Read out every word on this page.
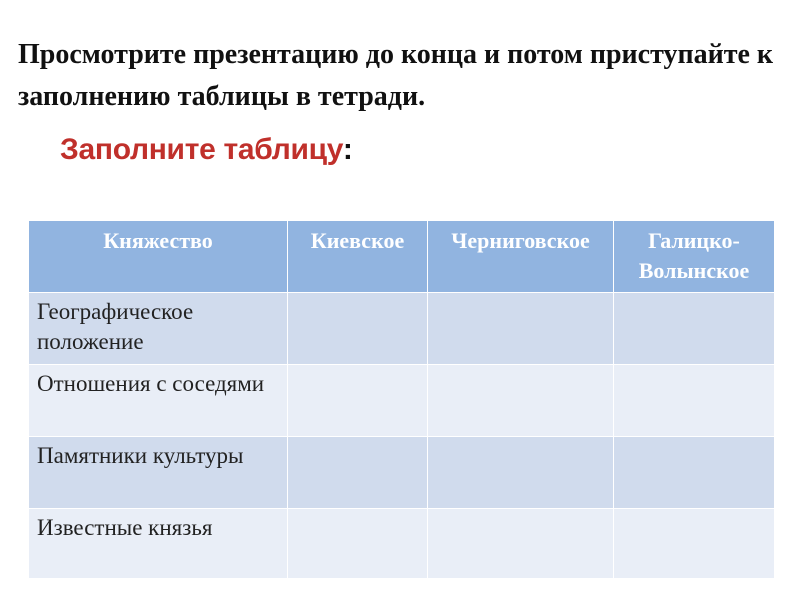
Просмотрите презентацию до конца и потом приступайте к заполнению таблицы в тетради.
Заполните таблицу:
Княжество	Киевское	Черниговское	Галицко-Волынское
Географическое положение			
Отношения с соседями			
Памятники культуры			
Известные князья			
